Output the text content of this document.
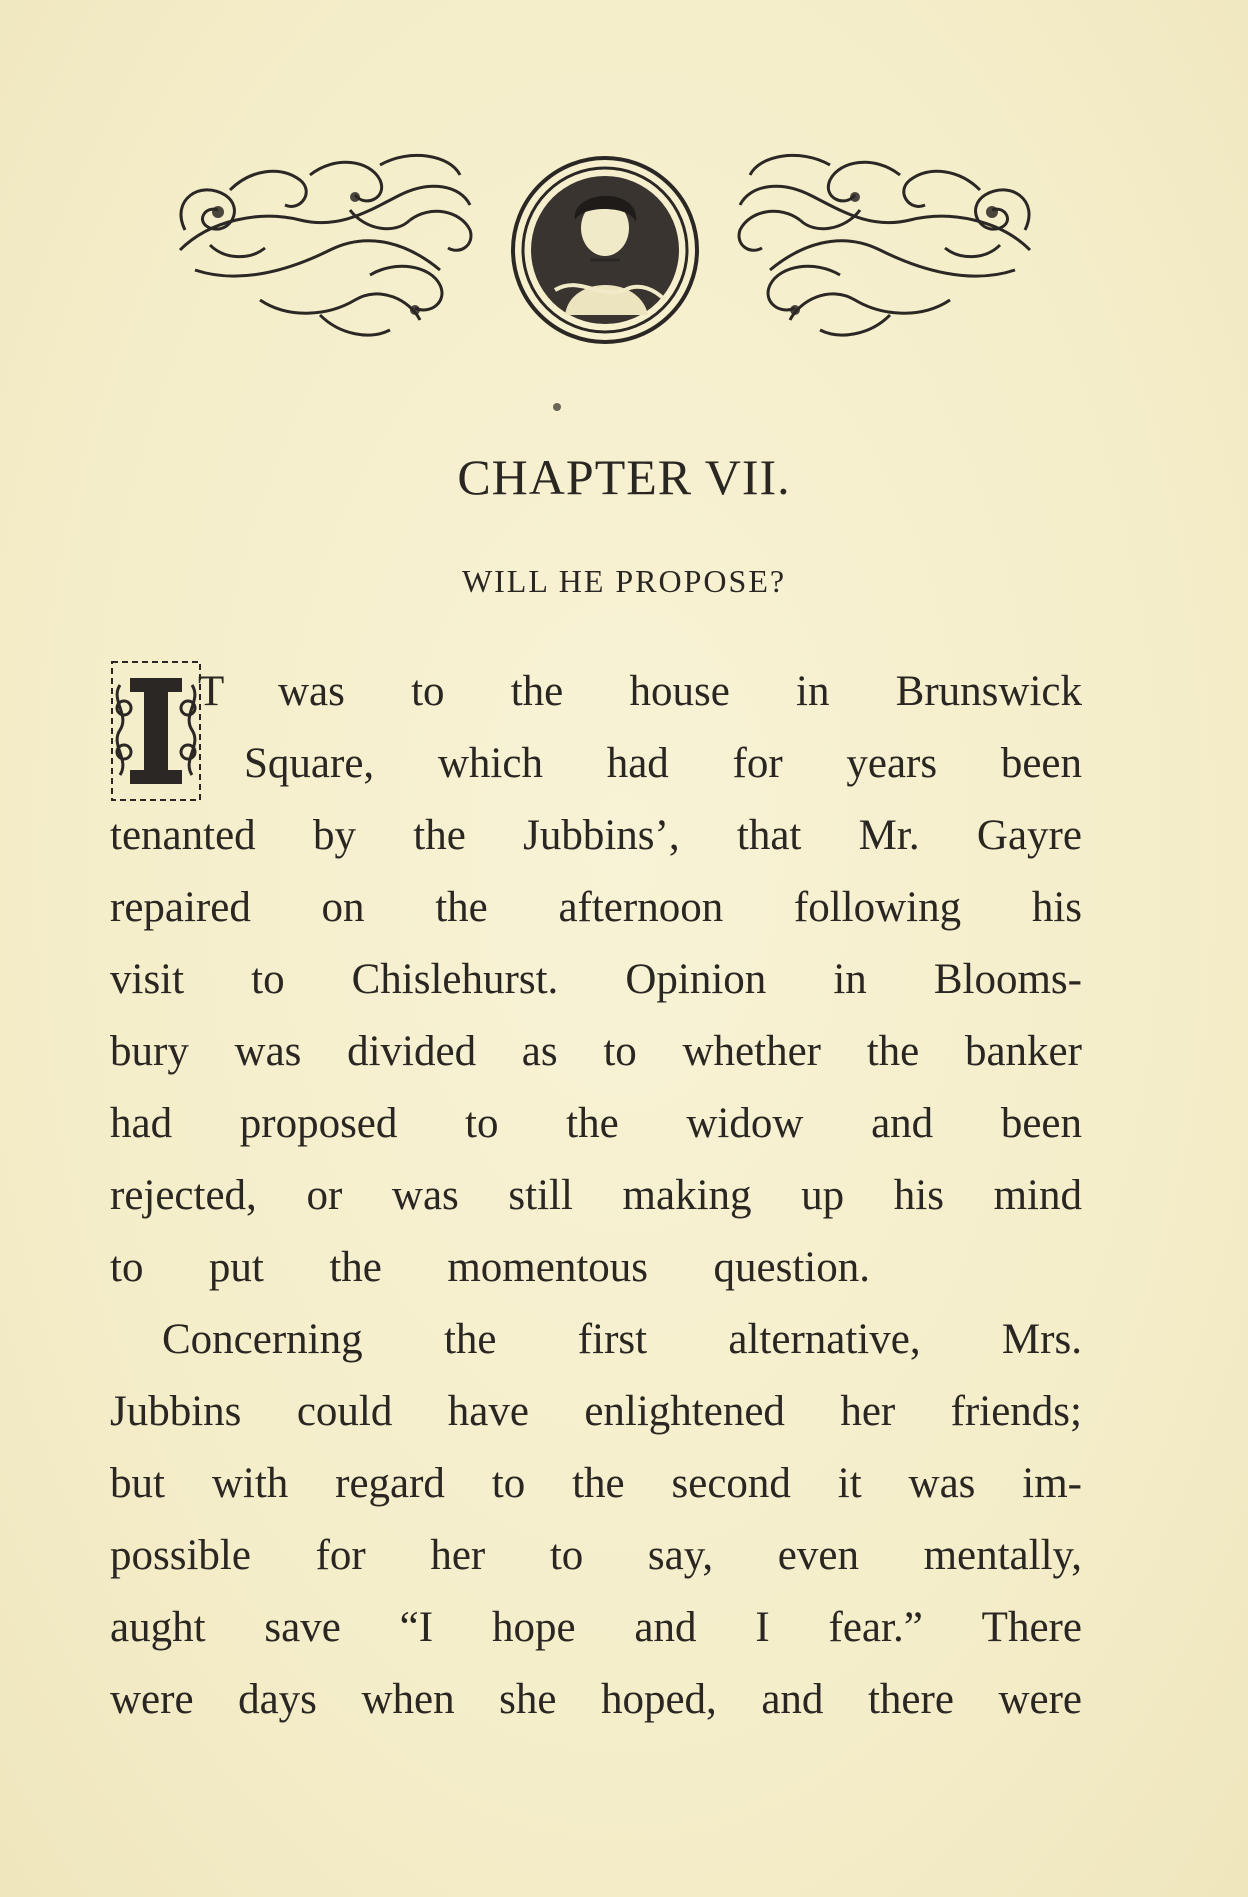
CHAPTER VII.
WILL HE PROPOSE?
T was to the house in Brunswick
Square, which had for years been
tenanted by the Jubbins’, that Mr. Gayre
repaired on the afternoon following his
visit to Chislehurst. Opinion in Blooms-
bury was divided as to whether the banker
had proposed to the widow and been
rejected, or was still making up his mind
to put the momentous question.
Concerning the first alternative, Mrs.
Jubbins could have enlightened her friends;
but with regard to the second it was im-
possible for her to say, even mentally,
aught save “I hope and I fear.” There
were days when she hoped, and there were
